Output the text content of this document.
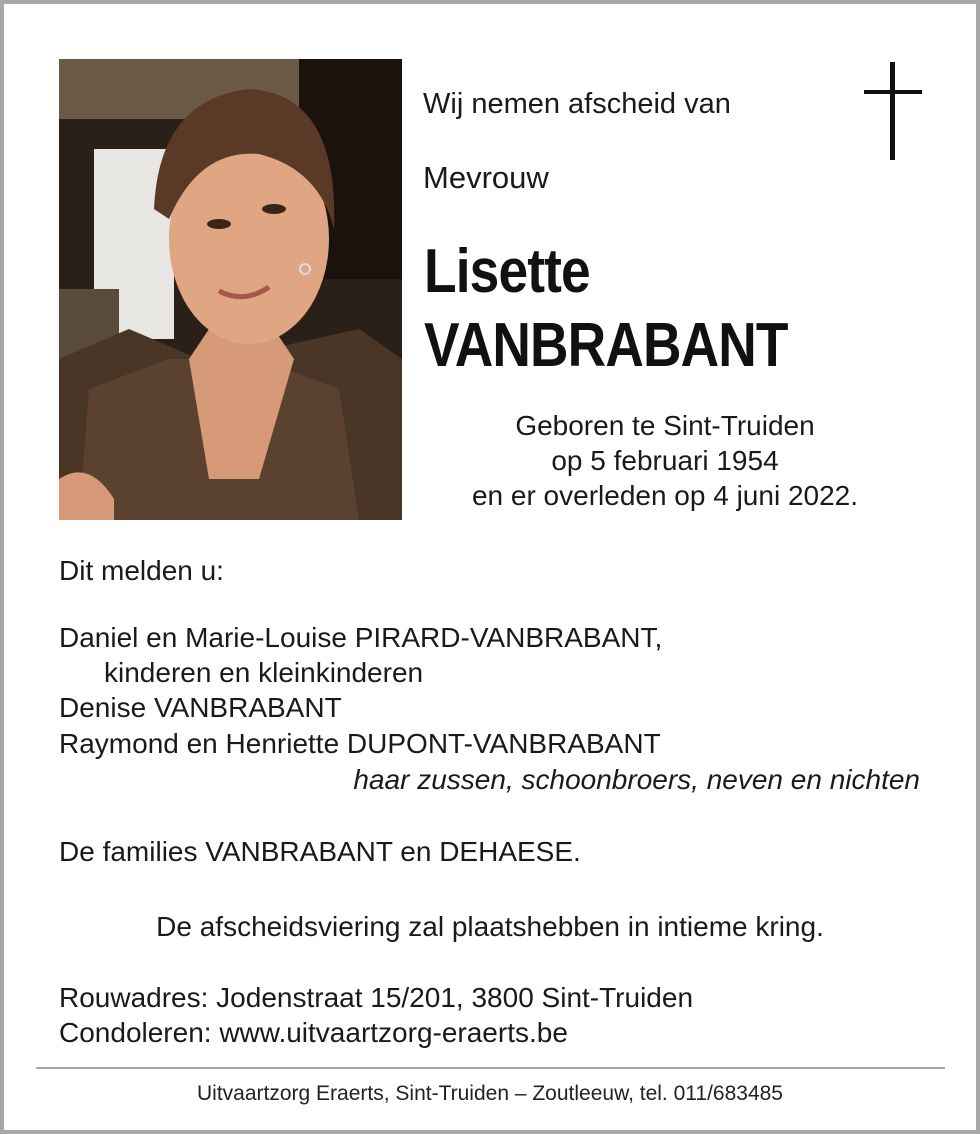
Wij nemen afscheid van
Mevrouw
Lisette
VANBRABANT
Geboren te Sint-Truiden
op 5 februari 1954
en er overleden op 4 juni 2022.
Dit melden u:
Daniel en Marie-Louise PIRARD-VANBRABANT,
kinderen en kleinkinderen
Denise VANBRABANT
Raymond en Henriette DUPONT-VANBRABANT
haar zussen, schoonbroers, neven en nichten
De families VANBRABANT en DEHAESE.
De afscheidsviering zal plaatshebben in intieme kring.
Rouwadres: Jodenstraat 15/201, 3800 Sint-Truiden
Condoleren: www.uitvaartzorg-eraerts.be
Uitvaartzorg Eraerts, Sint-Truiden – Zoutleeuw, tel. 011/683485
